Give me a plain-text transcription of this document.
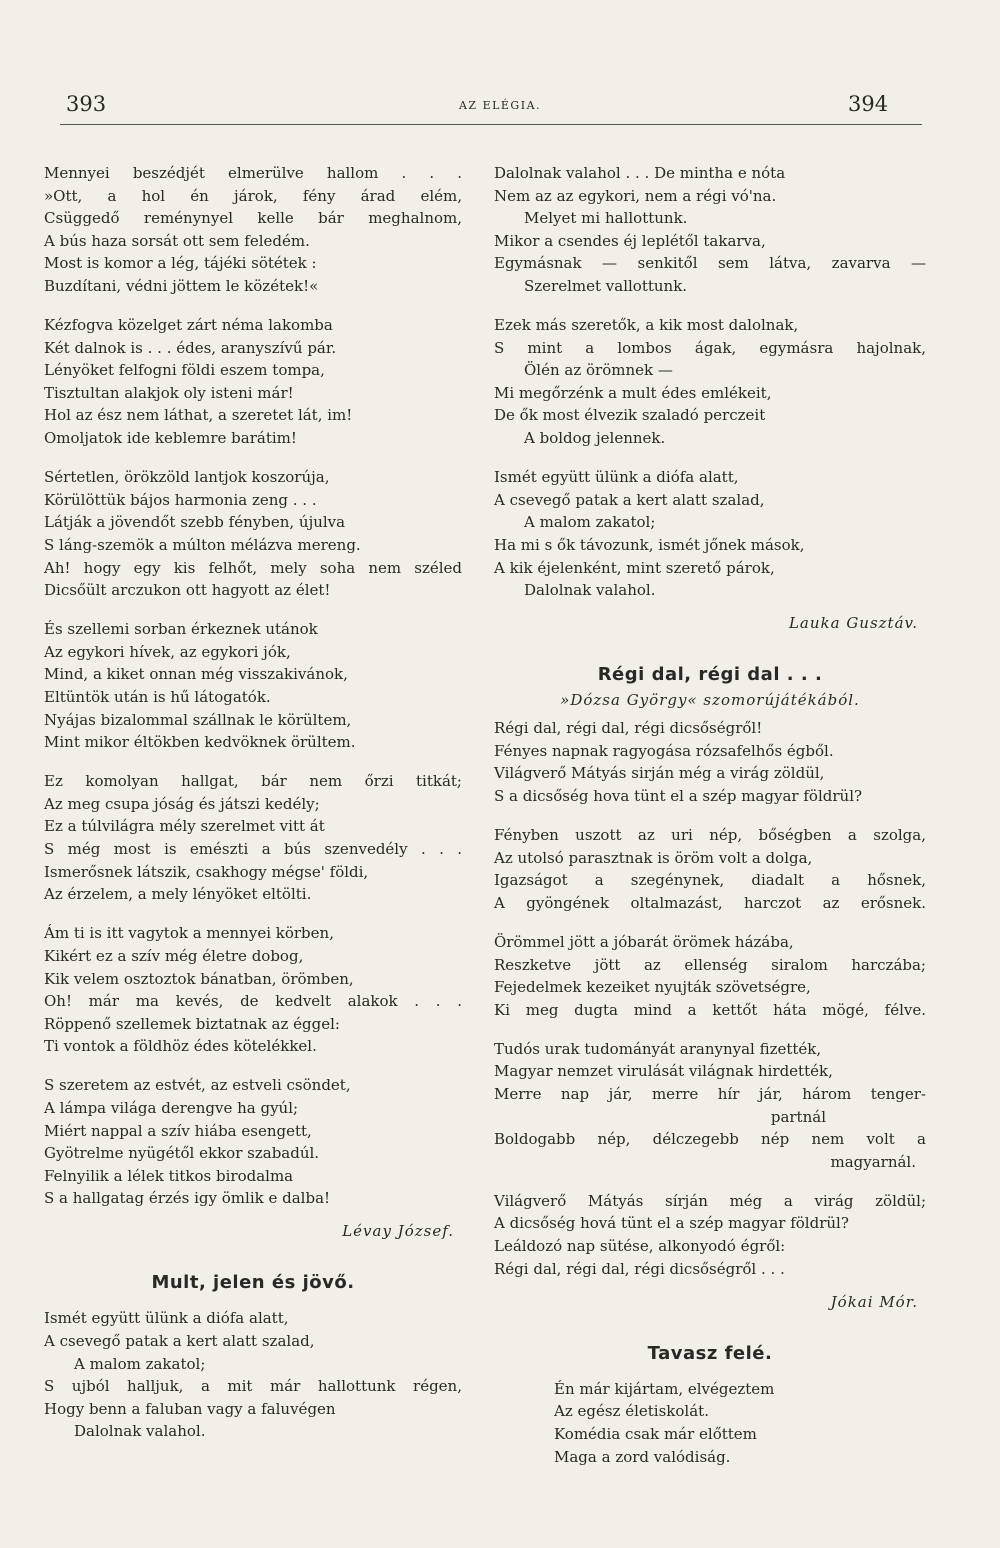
393	AZ ELÉGIA.	394
Mennyei beszédjét elmerülve hallom . . .
»Ott, a hol én járok, fény árad elém,
Csüggedő reménynyel kelle bár meghalnom,
A bús haza sorsát ott sem feledém.
Most is komor a lég, tájéki sötétek :
Buzdítani, védni jöttem le közétek!«
Kézfogva közelget zárt néma lakomba
Két dalnok is . . . édes, aranyszívű pár.
Lényöket felfogni földi eszem tompa,
Tisztultan alakjok oly isteni már!
Hol az ész nem láthat, a szeretet lát, im!
Omoljatok ide keblemre barátim!
Sértetlen, örökzöld lantjok koszorúja,
Körülöttük bájos harmonia zeng . . .
Látják a jövendőt szebb fényben, újulva
S láng-szemök a múlton mélázva mereng.
Ah! hogy egy kis felhőt, mely soha nem széled
Dicsőült arczukon ott hagyott az élet!
És szellemi sorban érkeznek utánok
Az egykori hívek, az egykori jók,
Mind, a kiket onnan még visszakivánok,
Eltüntök után is hű látogatók.
Nyájas bizalommal szállnak le körültem,
Mint mikor éltökben kedvöknek örültem.
Ez komolyan hallgat, bár nem őrzi titkát;
Az meg csupa jóság és játszi kedély;
Ez a túlvilágra mély szerelmet vitt át
S még most is emészti a bús szenvedély . . .
Ismerősnek látszik, csakhogy mégse' földi,
Az érzelem, a mely lényöket eltölti.
Ám ti is itt vagytok a mennyei körben,
Kikért ez a szív még életre dobog,
Kik velem osztoztok bánatban, örömben,
Oh! már ma kevés, de kedvelt alakok . . .
Röppenő szellemek biztatnak az éggel:
Ti vontok a földhöz édes kötelékkel.
S szeretem az estvét, az estveli csöndet,
A lámpa világa derengve ha gyúl;
Miért nappal a szív hiába esengett,
Gyötrelme nyügétől ekkor szabadúl.
Felnyilik a lélek titkos birodalma
S a hallgatag érzés igy ömlik e dalba!
Lévay József.
Mult, jelen és jövő.
Ismét együtt ülünk a diófa alatt,
A csevegő patak a kert alatt szalad,
A malom zakatol;
S ujból halljuk, a mit már hallottunk régen,
Hogy benn a faluban vagy a faluvégen
Dalolnak valahol.
Dalolnak valahol . . . De mintha e nóta
Nem az az egykori, nem a régi vó'na.
Melyet mi hallottunk.
Mikor a csendes éj leplétől takarva,
Egymásnak — senkitől sem látva, zavarva —
Szerelmet vallottunk.
Ezek más szeretők, a kik most dalolnak,
S mint a lombos ágak, egymásra hajolnak,
Ölén az örömnek —
Mi megőrzénk a mult édes emlékeit,
De ők most élvezik szaladó perczeit
A boldog jelennek.
Ismét együtt ülünk a diófa alatt,
A csevegő patak a kert alatt szalad,
A malom zakatol;
Ha mi s ők távozunk, ismét jőnek mások,
A kik éjelenként, mint szerető párok,
Dalolnak valahol.
Lauka Gusztáv.
Régi dal, régi dal . . .
»Dózsa György« szomorújátékából.
Régi dal, régi dal, régi dicsőségről!
Fényes napnak ragyogása rózsafelhős égből.
Világverő Mátyás sirján még a virág zöldül,
S a dicsőség hova tünt el a szép magyar földrül?
Fényben uszott az uri nép, bőségben a szolga,
Az utolsó parasztnak is öröm volt a dolga,
Igazságot a szegénynek, diadalt a hősnek,
A gyöngének oltalmazást, harczot az erősnek.
Örömmel jött a jóbarát örömek házába,
Reszketve jött az ellenség siralom harczába;
Fejedelmek kezeiket nyujták szövetségre,
Ki meg dugta mind a kettőt háta mögé, félve.
Tudós urak tudományát aranynyal fizették,
Magyar nemzet virulását világnak hirdették,
Merre nap jár, merre hír jár, három tenger-
partnál
Boldogabb nép, délczegebb nép nem volt a
magyarnál.
Világverő Mátyás sírján még a virág zöldül;
A dicsőség hová tünt el a szép magyar földrül?
Leáldozó nap sütése, alkonyodó égről:
Régi dal, régi dal, régi dicsőségről . . .
Jókai Mór.
Tavasz felé.
Én már kijártam, elvégeztem
Az egész életiskolát.
Komédia csak már előttem
Maga a zord valódiság.
